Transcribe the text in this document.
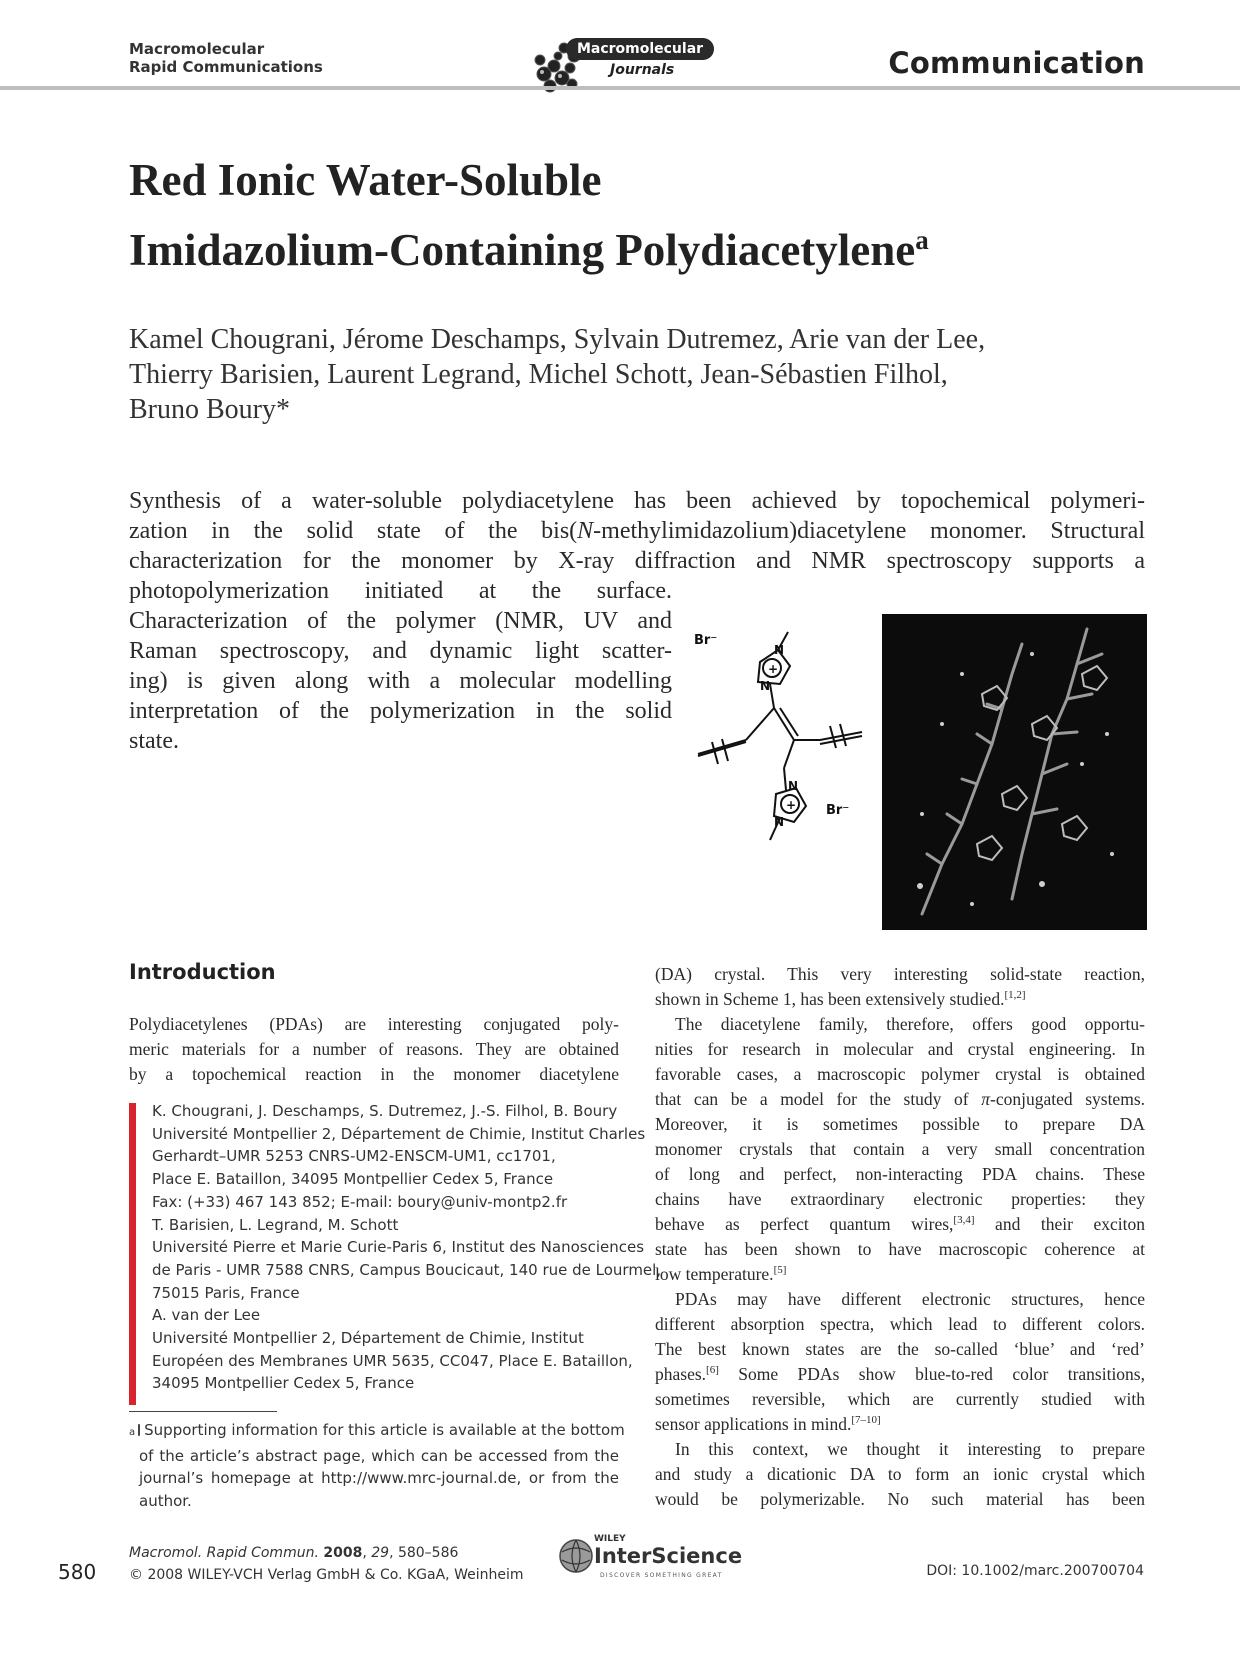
Macromolecular
Rapid Communications
Macromolecular
Journals	Communication
Red Ionic Water-Soluble
Imidazolium-Containing Polydiacetylene$^a$
Kamel Chougrani, Jérome Deschamps, Sylvain Dutremez, Arie van der Lee,
Thierry Barisien, Laurent Legrand, Michel Schott, Jean-Sébastien Filhol,
Bruno Boury*
Synthesis of a water-soluble polydiacetylene has been achieved by topochemical polymeri-
zation in the solid state of the bis(N-methylimidazolium)diacetylene monomer. Structural
characterization for the monomer by X-ray diffraction and NMR spectroscopy supports a
photopolymerization initiated at the surface.
Characterization of the polymer (NMR, UV and
Raman spectroscopy, and dynamic light scatter-
ing) is given along with a molecular modelling
interpretation of the polymerization in the solid
state.
Br⁻
Br⁻
N
N
+
N
N
+
Introduction
Polydiacetylenes (PDAs) are interesting conjugated poly-
meric materials for a number of reasons. They are obtained
by a topochemical reaction in the monomer diacetylene
(DA) crystal. This very interesting solid-state reaction,
shown in Scheme 1, has been extensively studied.[1,2]
The diacetylene family, therefore, offers good opportu-
nities for research in molecular and crystal engineering. In
favorable cases, a macroscopic polymer crystal is obtained
that can be a model for the study of π-conjugated systems.
Moreover, it is sometimes possible to prepare DA
monomer crystals that contain a very small concentration
of long and perfect, non-interacting PDA chains. These
chains have extraordinary electronic properties: they
behave as perfect quantum wires,[3,4] and their exciton
state has been shown to have macroscopic coherence at
low temperature.[5]
PDAs may have different electronic structures, hence
different absorption spectra, which lead to different colors.
The best known states are the so-called ‘blue’ and ‘red’
phases.[6] Some PDAs show blue-to-red color transitions,
sometimes reversible, which are currently studied with
sensor applications in mind.[7–10]
In this context, we thought it interesting to prepare
and study a dicationic DA to form an ionic crystal which
would be polymerizable. No such material has been
K. Chougrani, J. Deschamps, S. Dutremez, J.-S. Filhol, B. Boury
Université Montpellier 2, Département de Chimie, Institut Charles
Gerhardt–UMR 5253 CNRS-UM2-ENSCM-UM1, cc1701,
Place E. Bataillon, 34095 Montpellier Cedex 5, France
Fax: (+33) 467 143 852; E-mail: boury@univ-montp2.fr
T. Barisien, L. Legrand, M. Schott
Université Pierre et Marie Curie-Paris 6, Institut des Nanosciences
de Paris - UMR 7588 CNRS, Campus Boucicaut, 140 rue de Lourmel,
75015 Paris, France
A. van der Lee
Université Montpellier 2, Département de Chimie, Institut
Européen des Membranes UMR 5635, CC047, Place E. Bataillon,
34095 Montpellier Cedex 5, France
a Supporting information for this article is available at the bottom
of the article’s abstract page, which can be accessed from the
journal’s homepage at http://www.mrc-journal.de, or from the
author.
580
Macromol. Rapid Commun. 2008, 29, 580–586
© 2008 WILEY-VCH Verlag GmbH & Co. KGaA, Weinheim
WILEY
InterScience
DISCOVER SOMETHING GREAT	DOI: 10.1002/marc.200700704
